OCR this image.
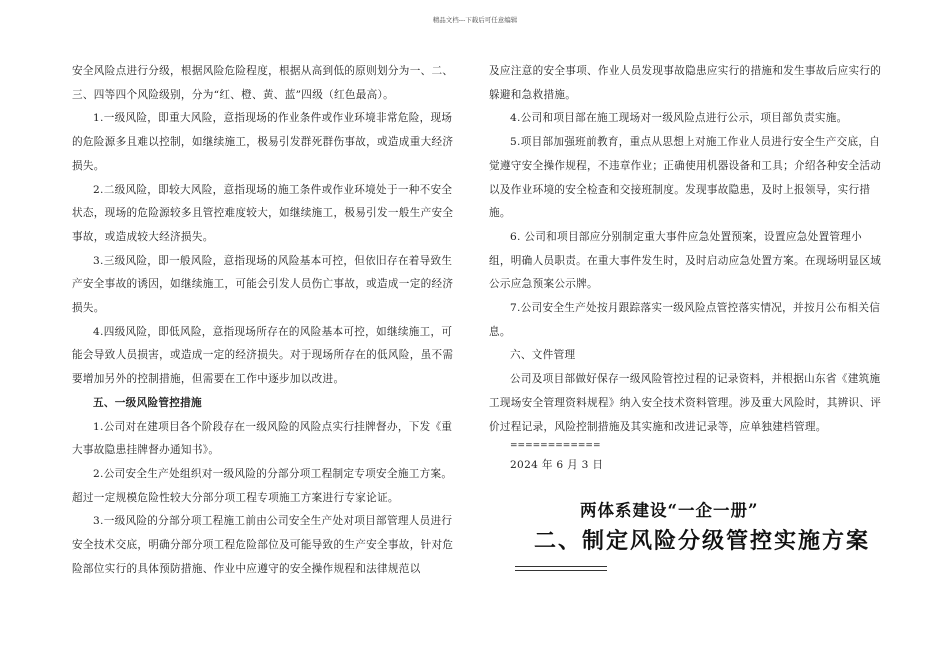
精品文档---下载后可任意编辑

安全风险点进行分级，根据风险危险程度，根据从高到低的原则划分为一、二、三、四等四个风险级别，分为“红、橙、黄、蓝”四级（红色最高）。

1.一级风险，即重大风险，意指现场的作业条件或作业环境非常危险，现场的危险源多且难以控制，如继续施工，极易引发群死群伤事故，或造成重大经济损失。

2.二级风险，即较大风险，意指现场的施工条件或作业环境处于一种不安全状态，现场的危险源较多且管控难度较大，如继续施工，极易引发一般生产安全事故，或造成较大经济损失。

3.三级风险，即一般风险，意指现场的风险基本可控，但依旧存在着导致生产安全事故的诱因，如继续施工，可能会引发人员伤亡事故，或造成一定的经济损失。

4.四级风险，即低风险，意指现场所存在的风险基本可控，如继续施工，可能会导致人员损害，或造成一定的经济损失。对于现场所存在的低风险，虽不需要增加另外的控制措施，但需要在工作中逐步加以改进。

五、一级风险管控措施

1.公司对在建项目各个阶段存在一级风险的风险点实行挂牌督办，下发《重大事故隐患挂牌督办通知书》。

2.公司安全生产处组织对一级风险的分部分项工程制定专项安全施工方案。超过一定规模危险性较大分部分项工程专项施工方案进行专家论证。

3.一级风险的分部分项工程施工前由公司安全生产处对项目部管理人员进行安全技术交底，明确分部分项工程危险部位及可能导致的生产安全事故，针对危险部位实行的具体预防措施、作业中应遵守的安全操作规程和法律规范以

及应注意的安全事项、作业人员发现事故隐患应实行的措施和发生事故后应实行的躲避和急救措施。

4.公司和项目部在施工现场对一级风险点进行公示，项目部负责实施。

5.项目部加强班前教育，重点从思想上对施工作业人员进行安全生产交底，自觉遵守安全操作规程，不违章作业；正确使用机器设备和工具；介绍各种安全活动以及作业环境的安全检查和交接班制度。发现事故隐患，及时上报领导，实行措施。

6. 公司和项目部应分别制定重大事件应急处置预案，设置应急处置管理小组，明确人员职责。在重大事件发生时，及时启动应急处置方案。在现场明显区域公示应急预案公示牌。

7.公司安全生产处按月跟踪落实一级风险点管控落实情况，并按月公布相关信息。

六、文件管理

公司及项目部做好保存一级风险管控过程的记录资料，并根据山东省《建筑施工现场安全管理资料规程》纳入安全技术资料管理。涉及重大风险时，其辨识、评价过程记录，风险控制措施及其实施和改进记录等，应单独建档管理。

============

2024 年 6 月 3 日

两体系建设“一企一册”
二、制定风险分级管控实施方案
